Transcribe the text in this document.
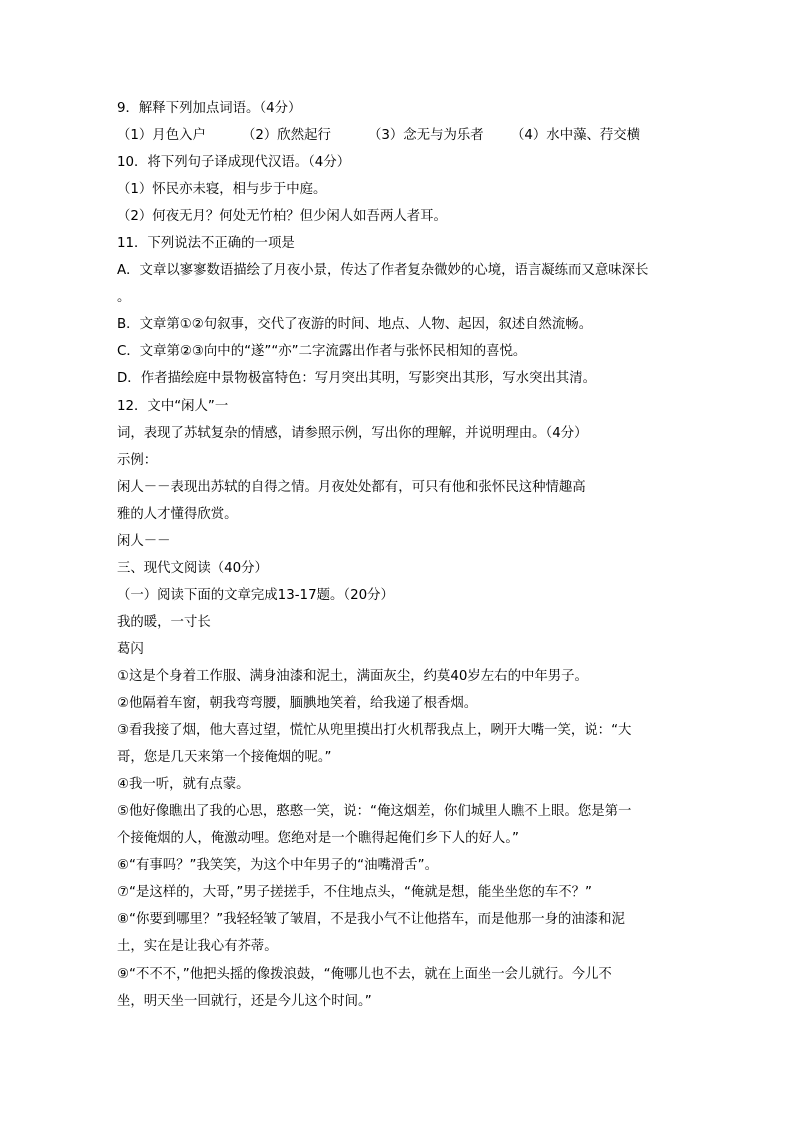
9．解释下列加点词语。（4分）
（1）月色入户	（2）欣然起行	（3）念无与为乐者 （4）水中藻、荇交横
10．将下列句子译成现代汉语。（4分）
（1）怀民亦未寝，相与步于中庭。
（2）何夜无月？何处无竹柏？但少闲人如吾两人者耳。
11．下列说法不正确的一项是
A．文章以寥寥数语描绘了月夜小景，传达了作者复杂微妙的心境，语言凝练而又意味深长
。
B．文章第①②句叙事，交代了夜游的时间、地点、人物、起因，叙述自然流畅。
C．文章第②③向中的“遂”“亦”二字流露出作者与张怀民相知的喜悦。
D．作者描绘庭中景物极富特色：写月突出其明，写影突出其形，写水突出其清。
12．文中“闲人”一
词，表现了苏轼复杂的情感，请参照示例，写出你的理解，并说明理由。（4分）
示例：
闲人－－表现出苏轼的自得之情。月夜处处都有，可只有他和张怀民这种情趣高
雅的人才懂得欣赏。
闲人－－
三、现代文阅读（40分）
（一）阅读下面的文章完成13-17题。（20分）
我的暖，一寸长
葛闪
①这是个身着工作服、满身油漆和泥土，满面灰尘，约莫40岁左右的中年男子。
②他隔着车窗，朝我弯弯腰，腼腆地笑着，给我递了根香烟。
③看我接了烟，他大喜过望，慌忙从兜里摸出打火机帮我点上，咧开大嘴一笑，说：“大
哥，您是几天来第一个接俺烟的呢。”
④我一听，就有点蒙。
⑤他好像瞧出了我的心思，憨憨一笑，说：“俺这烟差，你们城里人瞧不上眼。您是第一
个接俺烟的人，俺激动哩。您绝对是一个瞧得起俺们乡下人的好人。”
⑥“有事吗？”我笑笑，为这个中年男子的“油嘴滑舌”。
⑦“是这样的，大哥，”男子搓搓手，不住地点头，“俺就是想，能坐坐您的车不？”
⑧“你要到哪里？”我轻轻皱了皱眉，不是我小气不让他搭车，而是他那一身的油漆和泥
土，实在是让我心有芥蒂。
⑨“不不不，”他把头摇的像拨浪鼓，“俺哪儿也不去，就在上面坐一会儿就行。今儿不
坐，明天坐一回就行，还是今儿这个时间。”
